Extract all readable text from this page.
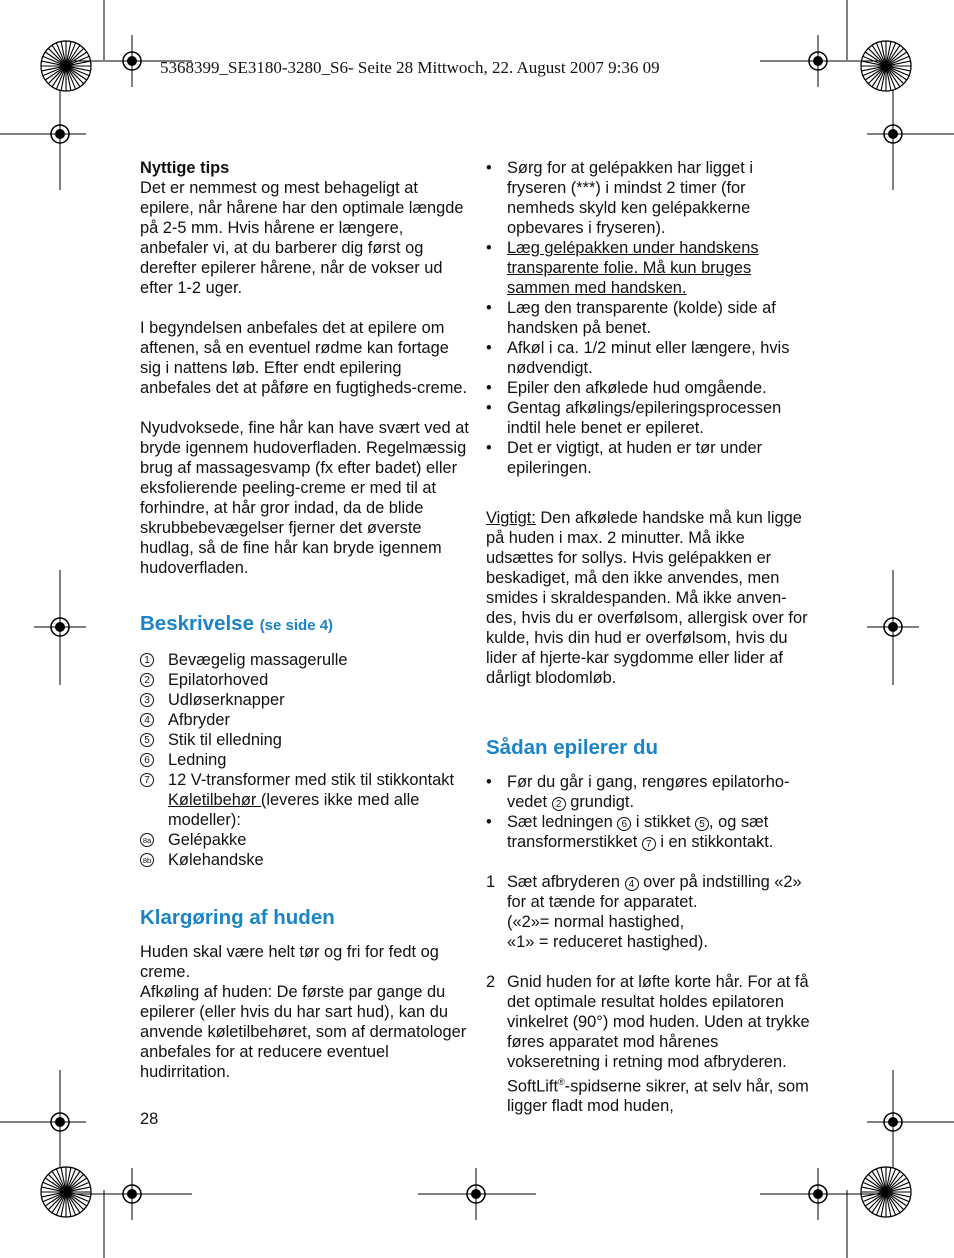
5368399_SE3180-3280_S6- Seite 28 Mittwoch, 22. August 2007 9:36 09
Nyttige tips

Det er nemmest og mest behageligt at epilere, når hårene har den optimale længde på 2-5 mm. Hvis hårene er længere, anbefaler vi, at du barberer dig først og derefter epilerer hårene, når de vokser ud efter 1-2 uger.

I begyndelsen anbefales det at epilere om aftenen, så en eventuel rødme kan fortage sig i nattens løb. Efter endt epilering anbefales det at påføre en fugtigheds-creme.

Nyudvoksede, fine hår kan have svært ved at bryde igennem hudoverfladen. Regelmæssig brug af massagesvamp (fx efter badet) eller eksfolierende peeling-creme er med til at forhindre, at hår gror indad, da de blide skrubbebevægelser fjerner det øverste hudlag, så de fine hår kan bryde igennem hudoverfladen.

Beskrivelse (se side 4)
1 Bevægelig massagerulle
2 Epilatorhoved
3 Udløserknapper
4 Afbryder
5 Stik til elledning
6 Ledning
7 12 V-transformer med stik til stikkontakt
Køletilbehør (leveres ikke med alle modeller):
8a Gelépakke
8b Kølehandske
Klargøring af huden
Huden skal være helt tør og fri for fedt og creme.
Afkøling af huden: De første par gange du epilerer (eller hvis du har sart hud), kan du anvende køletilbehøret, som af dermatologer anbefales for at reducere eventuel hudirritation.
• Sørg for at gelépakken har ligget i fryseren (***) i mindst 2 timer (for nemheds skyld ken gelépakkerne opbevares i fryseren).
• Læg gelépakken under handskens transparente folie. Må kun bruges sammen med handsken.
• Læg den transparente (kolde) side af handsken på benet.
• Afkøl i ca. 1/2 minut eller længere, hvis nødvendigt.
• Epiler den afkølede hud omgående.
• Gentag afkølings/epileringsprocessen indtil hele benet er epileret.
• Det er vigtigt, at huden er tør under epileringen.

Vigtigt: Den afkølede handske må kun ligge på huden i max. 2 minutter. Må ikke udsættes for sollys. Hvis gelépakken er beskadiget, må den ikke anvendes, men smides i skraldespanden. Må ikke anven-des, hvis du er overfølsom, allergisk over for kulde, hvis din hud er overfølsom, hvis du lider af hjerte-kar sygdomme eller lider af dårligt blodomløb.

Sådan epilerer du
• Før du går i gang, rengøres epilatorho-vedet 2 grundigt.
• Sæt ledningen 6 i stikket 5 , og sæt transformerstikket 7 i en stikkontakt.
1 Sæt afbryderen 4 over på indstilling «2» for at tænde for apparatet.
(«2»= normal hastighed,
«1» = reduceret hastighed).
2 Gnid huden for at løfte korte hår. For at få det optimale resultat holdes epilatoren vinkelret (90°) mod huden. Uden at trykke føres apparatet mod hårenes vokseretning i retning mod afbryderen. SoftLift®-spidserne sikrer, at selv hår, som ligger fladt mod huden,
28
